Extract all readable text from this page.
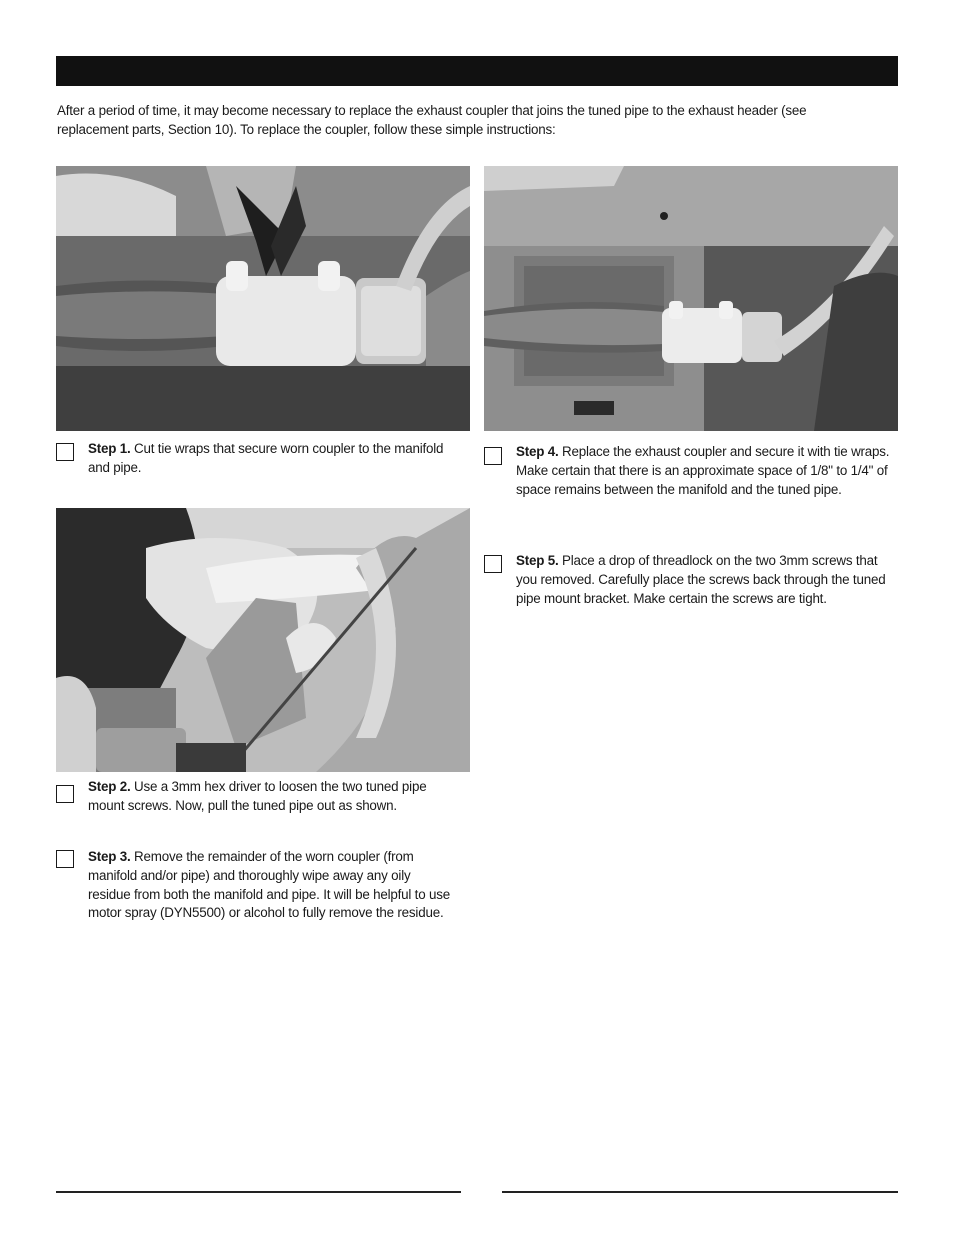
After a period of time, it may become necessary to replace the exhaust coupler that joins the tuned pipe to the exhaust header (see replacement parts, Section 10). To replace the coupler, follow these simple instructions:
Step 1. Cut tie wraps that secure worn coupler to the manifold and pipe.
Step 2. Use a 3mm hex driver to loosen the two tuned pipe mount screws. Now, pull the tuned pipe out as shown.
Step 3. Remove the remainder of the worn coupler (from manifold and/or pipe) and thoroughly wipe away any oily residue from both the manifold and pipe. It will be helpful to use motor spray (DYN5500) or alcohol to fully remove the residue.
Step 4. Replace the exhaust coupler and secure it with tie wraps. Make certain that there is an approximate space of 1/8" to 1/4" of space remains between the manifold and the tuned pipe.
Step 5. Place a drop of threadlock on the two 3mm screws that you removed. Carefully place the screws back through the tuned pipe mount bracket. Make certain the screws are tight.
